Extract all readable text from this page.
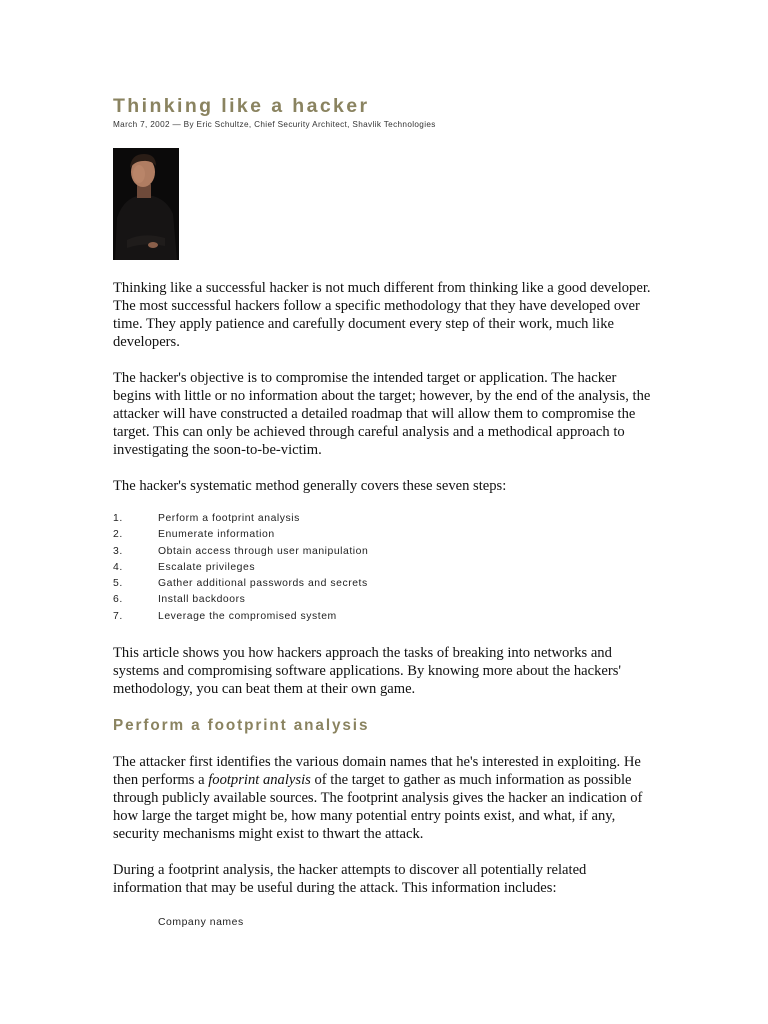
Thinking like a hacker
March 7, 2002 — By Eric Schultze, Chief Security Architect, Shavlik Technologies

Thinking like a successful hacker is not much different from thinking like a good developer. The most successful hackers follow a specific methodology that they have developed over time. They apply patience and carefully document every step of their work, much like developers.

The hacker's objective is to compromise the intended target or application. The hacker begins with little or no information about the target; however, by the end of the analysis, the attacker will have constructed a detailed roadmap that will allow them to compromise the target. This can only be achieved through careful analysis and a methodical approach to investigating the soon-to-be-victim.

The hacker's systematic method generally covers these seven steps:

1.	Perform a footprint analysis
2.	Enumerate information
3.	Obtain access through user manipulation
4.	Escalate privileges
5.	Gather additional passwords and secrets
6.	Install backdoors
7.	Leverage the compromised system

This article shows you how hackers approach the tasks of breaking into networks and systems and compromising software applications. By knowing more about the hackers' methodology, you can beat them at their own game.

Perform a footprint analysis

The attacker first identifies the various domain names that he's interested in exploiting. He then performs a footprint analysis of the target to gather as much information as possible through publicly available sources. The footprint analysis gives the hacker an indication of how large the target might be, how many potential entry points exist, and what, if any, security mechanisms might exist to thwart the attack.

During a footprint analysis, the hacker attempts to discover all potentially related information that may be useful during the attack. This information includes:

Company names
